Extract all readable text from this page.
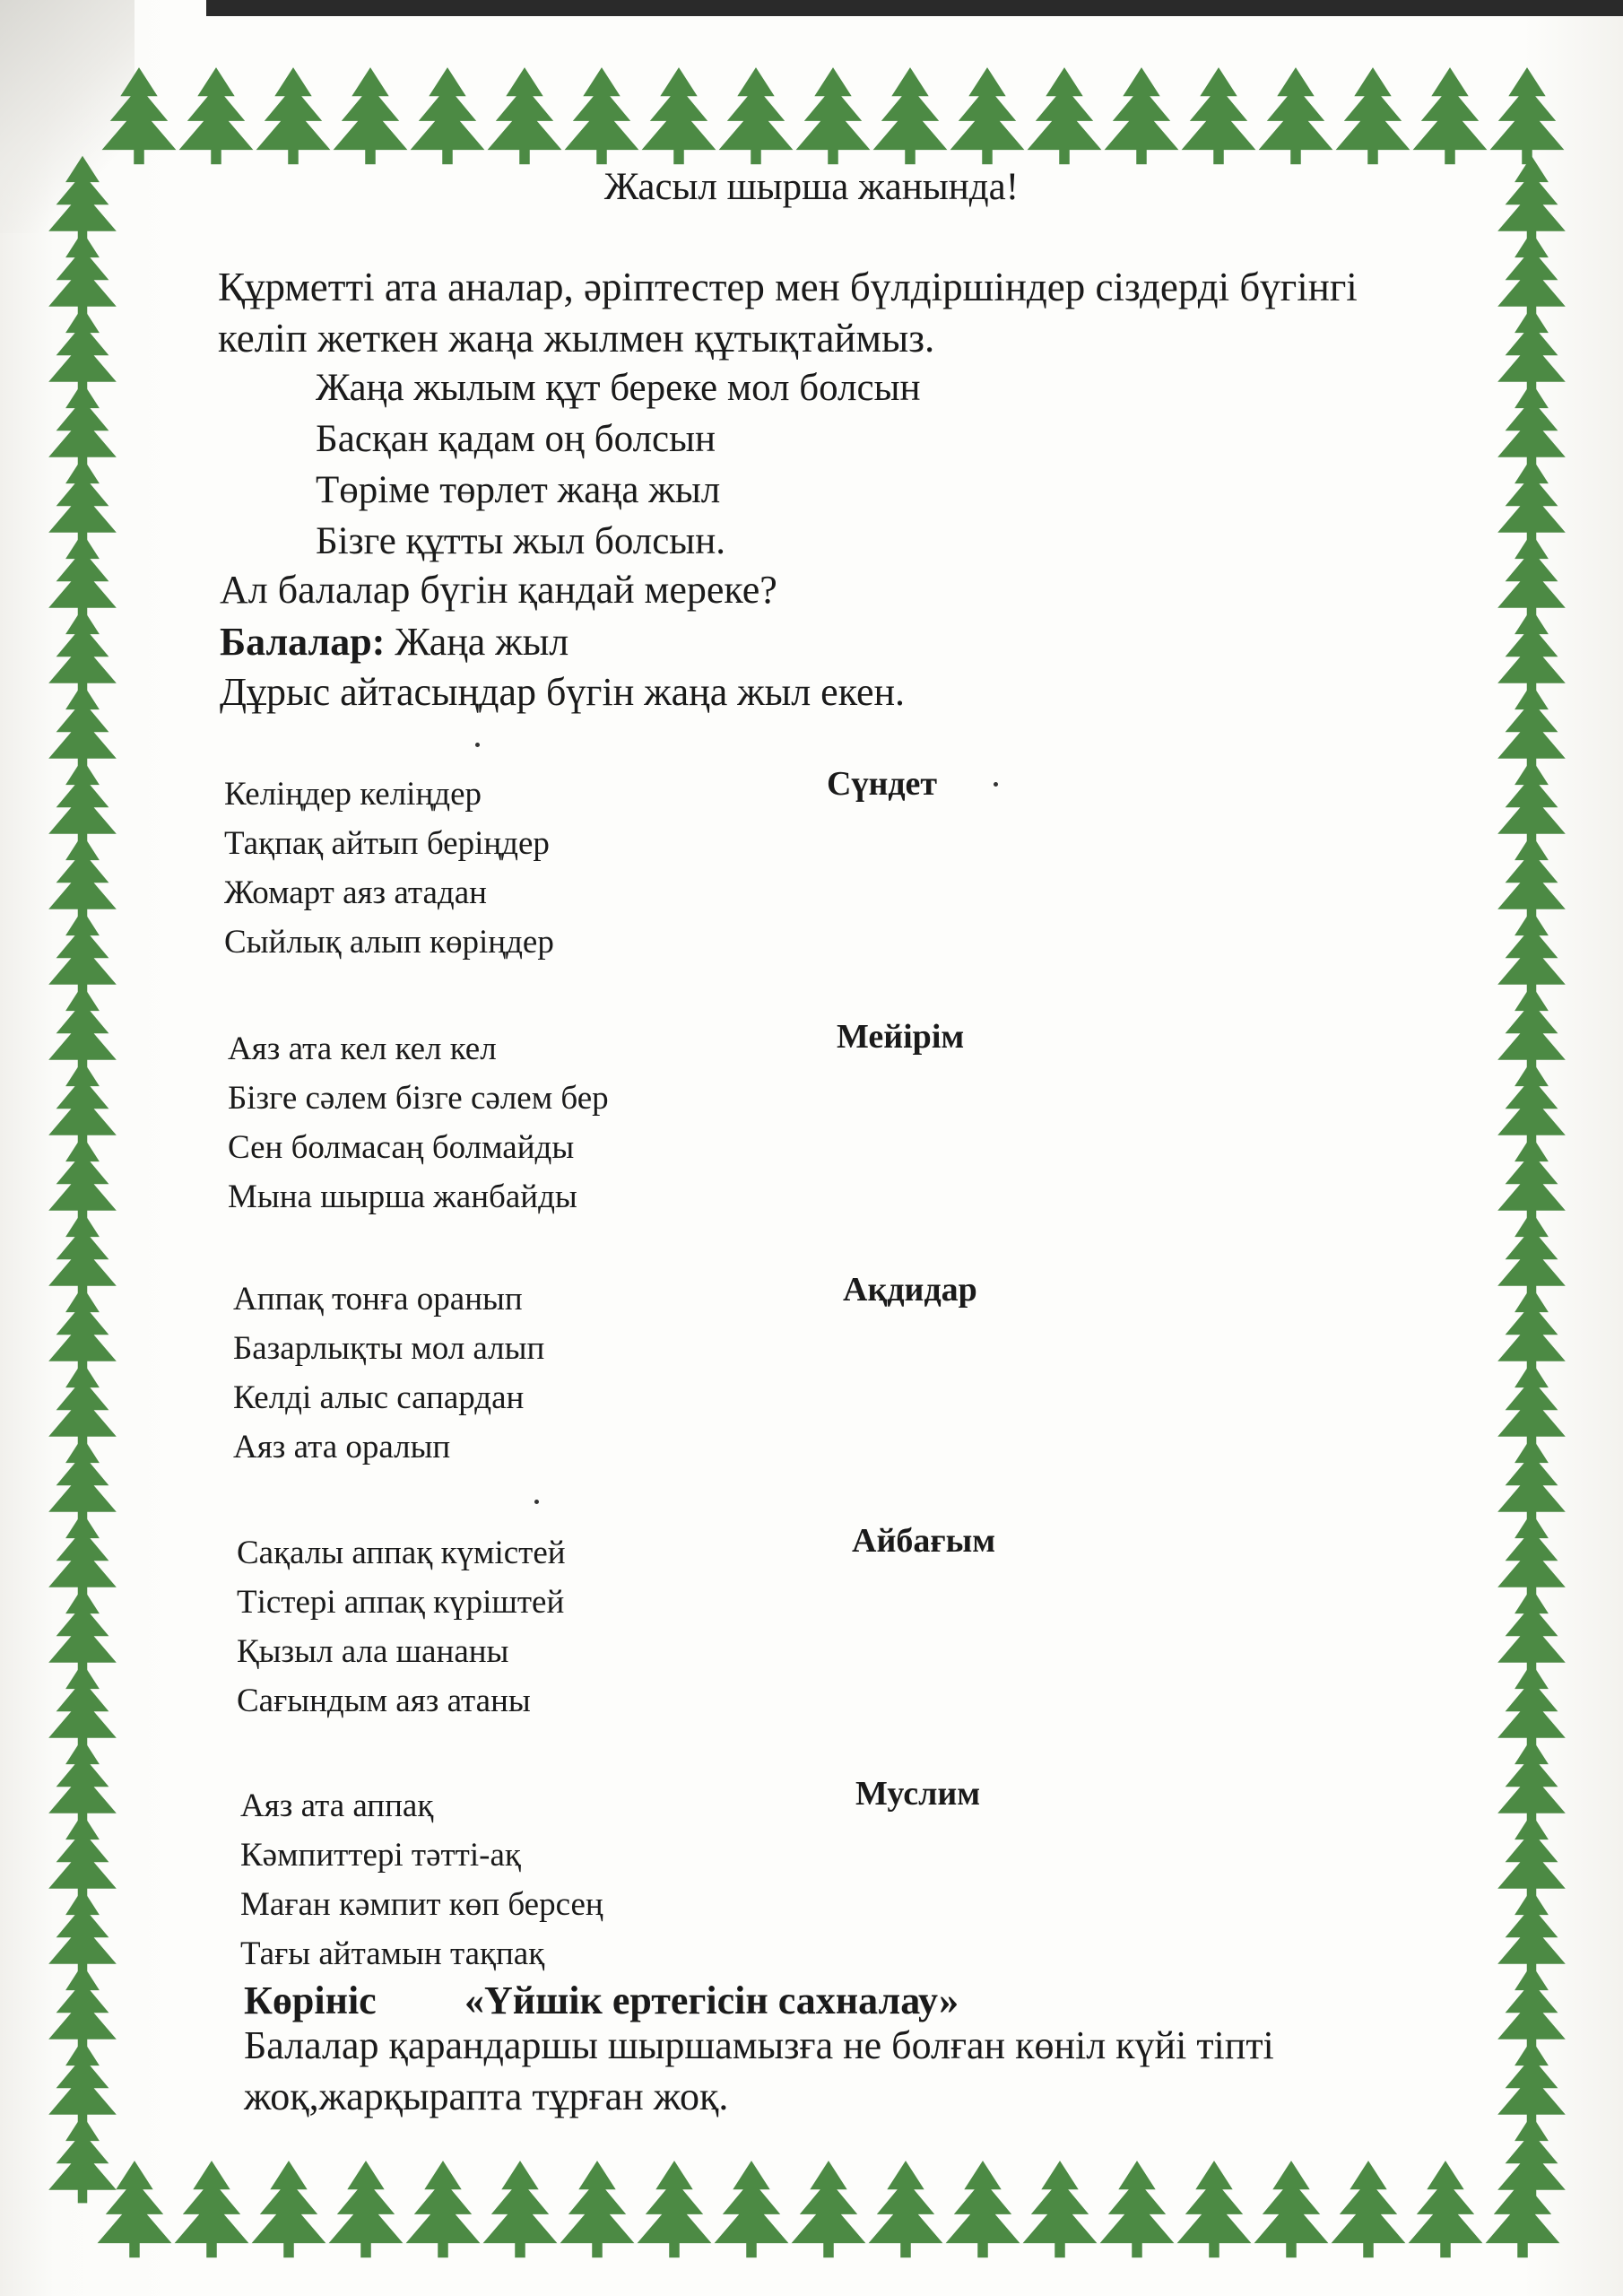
Жасыл шырша жанында!
Құрметті ата аналар, әріптестер мен бүлдіршіндер сіздерді бүгінгі
келіп жеткен жаңа жылмен құтықтаймыз.
Жаңа жылым құт береке мол болсын
Басқан қадам оң болсын
Төріме төрлет жаңа жыл
Бізге құтты жыл болсын.
Ал балалар бүгін қандай мереке?
Балалар: Жаңа жыл
Дұрыс айтасыңдар бүгін жаңа жыл екен.
Келіңдер келіңдер
Тақпақ айтып беріңдер
Жомарт аяз атадан
Сыйлық алып көріңдер
Сүндет
Аяз ата кел кел кел
Бізге сәлем бізге сәлем бер
Сен болмасаң болмайды
Мына шырша жанбайды
Мейірім
Аппақ тонға оранып
Базарлықты мол алып
Келді алыс сапардан
Аяз ата оралып
Ақдидар
Сақалы аппақ күмістей
Тістері аппақ күріштей
Қызыл ала шананы
Сағындым аяз атаны
Айбағым
Аяз ата аппақ
Кәмпиттері тәтті-ақ
Маған кәмпит көп берсең
Тағы айтамын тақпақ
Муслим
Көрініс «Үйшік ертегісін сахналау»
Балалар қарандаршы шыршамызға не болған көніл күйі тіпті
жоқ,жарқырапта тұрған жоқ.
